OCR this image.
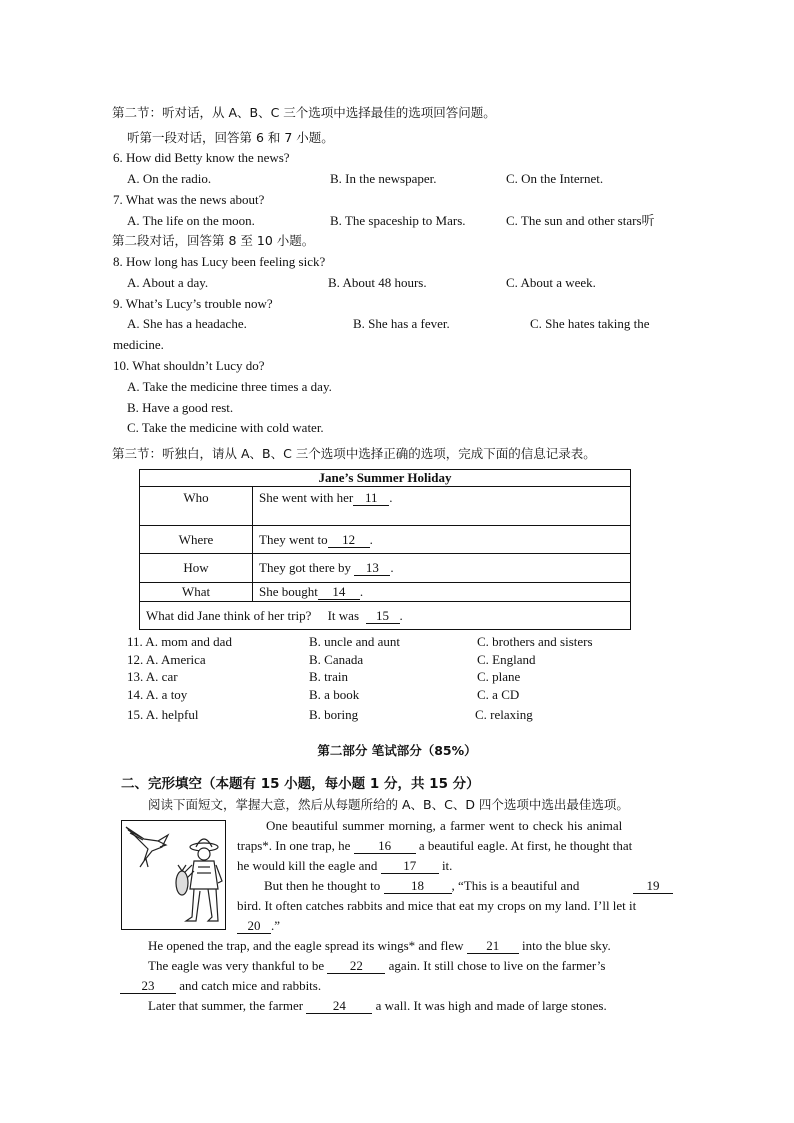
第二节：听对话，从 A、B、C 三个选项中选择最佳的选项回答问题。
听第一段对话，回答第 6 和 7 小题。
6. How did Betty know the news?
A. On the radio.	B. In the newspaper.	C. On the Internet.
7. What was the news about?
A. The life on the moon.	B. The spaceship to Mars.	C. The sun and other stars听
第二段对话，回答第 8 至 10 小题。
8. How long has Lucy been feeling sick?
A. About a day.	B. About 48 hours.	C. About a week.
9. What’s Lucy’s trouble now?
A. She has a headache.	B. She has a fever.	C. She hates taking the
medicine.
10. What shouldn’t Lucy do?
A. Take the medicine three times a day.
B. Have a good rest.
C. Take the medicine with cold water.
第三节：听独白，请从 A、B、C 三个选项中选择正确的选项，完成下面的信息记录表。
Jane’s Summer Holiday	
Who	She went with her 11 .
Where	They went to 12 .
How	They got there by 13 .
What	She bought 14 .
What did Jane think of her trip? It was 15 .	
11. A. mom and dad	B. uncle and aunt	C. brothers and sisters
12. A. America	B. Canada	C. England
13. A. car	B. train	C. plane
14. A. a toy	B. a book	C. a CD
15. A. helpful	B. boring	C. relaxing
第二部分 笔试部分（85%）
二、完形填空（本题有 15 小题，每小题 1 分，共 15 分）
阅读下面短文，掌握大意，然后从每题所给的 A、B、C、D 四个选项中选出最佳选项。
One beautiful summer morning, a farmer went to check his animal
traps*. In one trap, he 16 a beautiful eagle. At first, he thought that
he would kill the eagle and 17 it.
But then he thought to 18 , “This is a beautiful and	19
bird. It often catches rabbits and mice that eat my crops on my land. I’ll let it
20 .”
He opened the trap, and the eagle spread its wings* and flew 21 into the blue sky.
The eagle was very thankful to be 22 again. It still chose to live on the farmer’s
23 and catch mice and rabbits.
Later that summer, the farmer 24 a wall. It was high and made of large stones.
